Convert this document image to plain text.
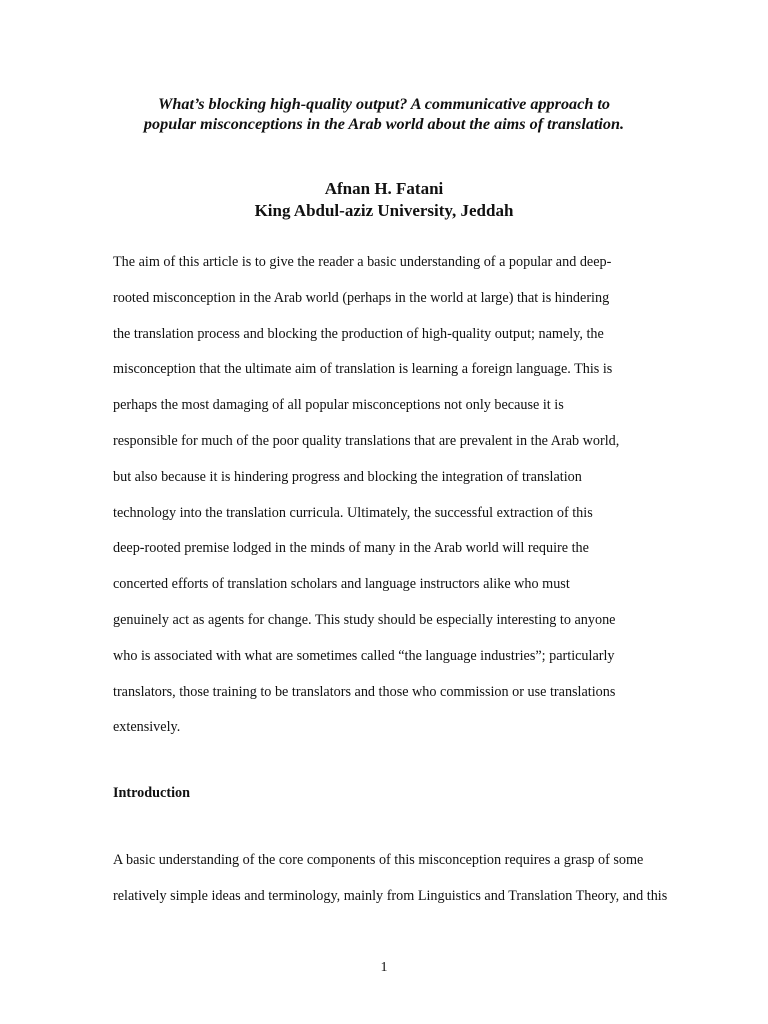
What’s blocking high-quality output? A communicative approach to
popular misconceptions in the Arab world about the aims of translation.
Afnan H. Fatani
King Abdul-aziz University, Jeddah
The aim of this article is to give the reader a basic understanding of a popular and deep-
rooted misconception in the Arab world (perhaps in the world at large) that is hindering
the translation process and blocking the production of high-quality output; namely, the
misconception that the ultimate aim of translation is learning a foreign language. This is
perhaps the most damaging of all popular misconceptions not only because it is
responsible for much of the poor quality translations that are prevalent in the Arab world,
but also because it is hindering progress and blocking the integration of translation
technology into the translation curricula. Ultimately, the successful extraction of this
deep-rooted premise lodged in the minds of many in the Arab world will require the
concerted efforts of translation scholars and language instructors alike who must
genuinely act as agents for change. This study should be especially interesting to anyone
who is associated with what are sometimes called “the language industries”; particularly
translators, those training to be translators and those who commission or use translations
extensively.
Introduction
A basic understanding of the core components of this misconception requires a grasp of some
relatively simple ideas and terminology, mainly from Linguistics and Translation Theory, and this
1
